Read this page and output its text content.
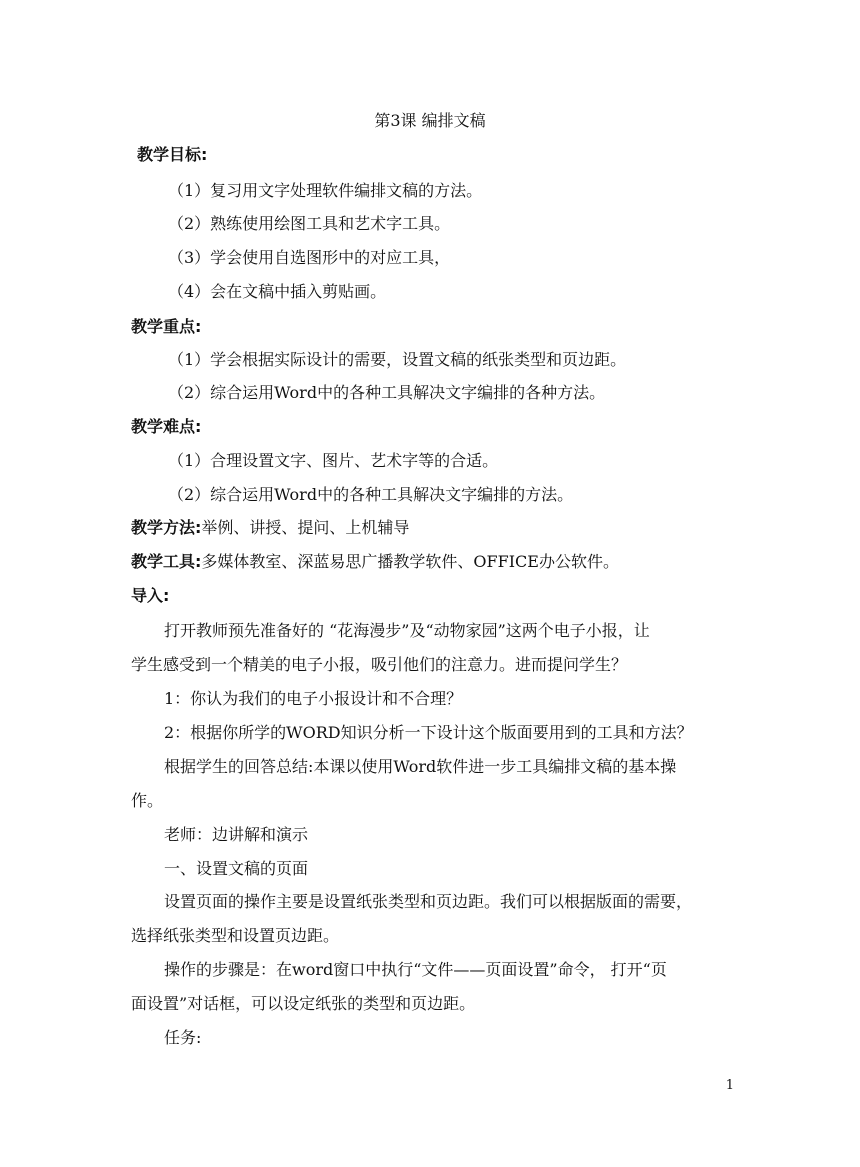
第3课 编排文稿
教学目标:
（1）复习用文字处理软件编排文稿的方法。
（2）熟练使用绘图工具和艺术字工具。
（3）学会使用自选图形中的对应工具，
（4）会在文稿中插入剪贴画。
教学重点:
（1）学会根据实际设计的需要，设置文稿的纸张类型和页边距。
（2）综合运用Word中的各种工具解决文字编排的各种方法。
教学难点:
（1）合理设置文字、图片、艺术字等的合适。
（2）综合运用Word中的各种工具解决文字编排的方法。
教学方法:举例、讲授、提问、上机辅导
教学工具:多媒体教室、深蓝易思广播教学软件、OFFICE办公软件。
导入:
打开教师预先准备好的 “花海漫步”及“动物家园”这两个电子小报，让
学生感受到一个精美的电子小报，吸引他们的注意力。进而提问学生？
1：你认为我们的电子小报设计和不合理？
2：根据你所学的WORD知识分析一下设计这个版面要用到的工具和方法？
根据学生的回答总结:本课以使用Word软件进一步工具编排文稿的基本操
作。
老师：边讲解和演示
一、设置文稿的页面
设置页面的操作主要是设置纸张类型和页边距。我们可以根据版面的需要，
选择纸张类型和设置页边距。
操作的步骤是：在word窗口中执行“文件——页面设置”命令， 打开“页
面设置”对话框，可以设定纸张的类型和页边距。
任务:
1
